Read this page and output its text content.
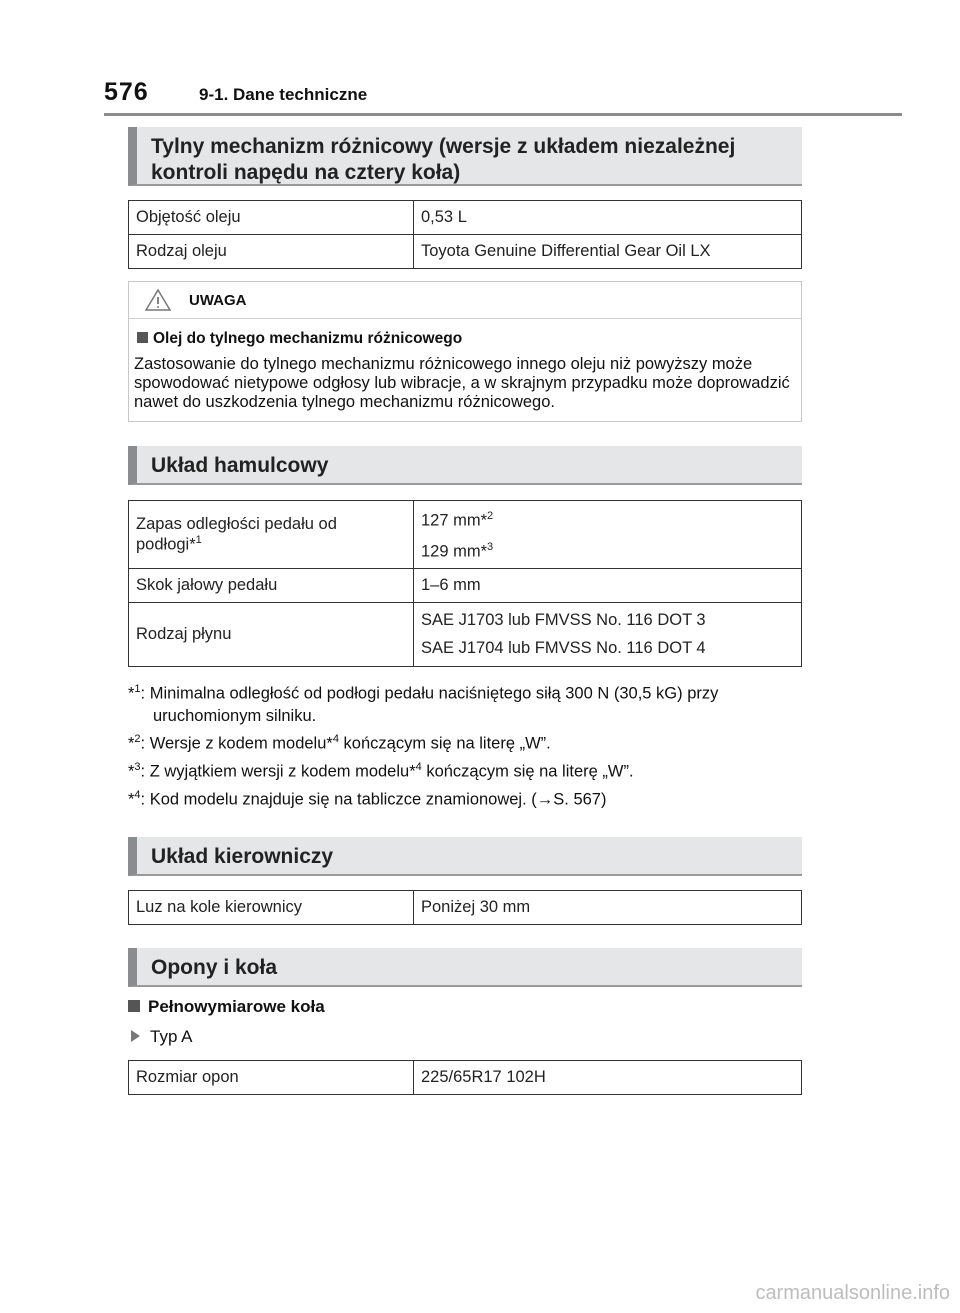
576	9-1. Dane techniczne
Tylny mechanizm różnicowy (wersje z układem niezależnej kontroli napędu na cztery koła)
Objętość oleju	0,53 L
Rodzaj oleju	Toyota Genuine Differential Gear Oil LX
UWAGA
Olej do tylnego mechanizmu różnicowego
Zastosowanie do tylnego mechanizmu różnicowego innego oleju niż powyższy może spowodować nietypowe odgłosy lub wibracje, a w skrajnym przypadku może doprowadzić nawet do uszkodzenia tylnego mechanizmu różnicowego.
Układ hamulcowy
Zapas odległości pedału od podłogi*$^1$	127 mm*$^2$
129 mm*$^3$

Skok jałowy pedału	1–6 mm
Rodzaj płynu	SAE J1703 lub FMVSS No. 116 DOT 3
SAE J1704 lub FMVSS No. 116 DOT 4
*$^1$: Minimalna odległość od podłogi pedału naciśniętego siłą 300 N (30,5 kG) przy
uruchomionym silniku.
*$^2$: Wersje z kodem modelu*$^4$ kończącym się na literę „W”.
*$^3$: Z wyjątkiem wersji z kodem modelu*$^4$ kończącym się na literę „W”.
*$^4$: Kod modelu znajduje się na tabliczce znamionowej. (→S. 567)
Układ kierowniczy
Luz na kole kierownicy	Poniżej 30 mm
Opony i koła
Pełnowymiarowe koła
Typ A
Rozmiar opon	225/65R17 102H
carmanualsonline.info
